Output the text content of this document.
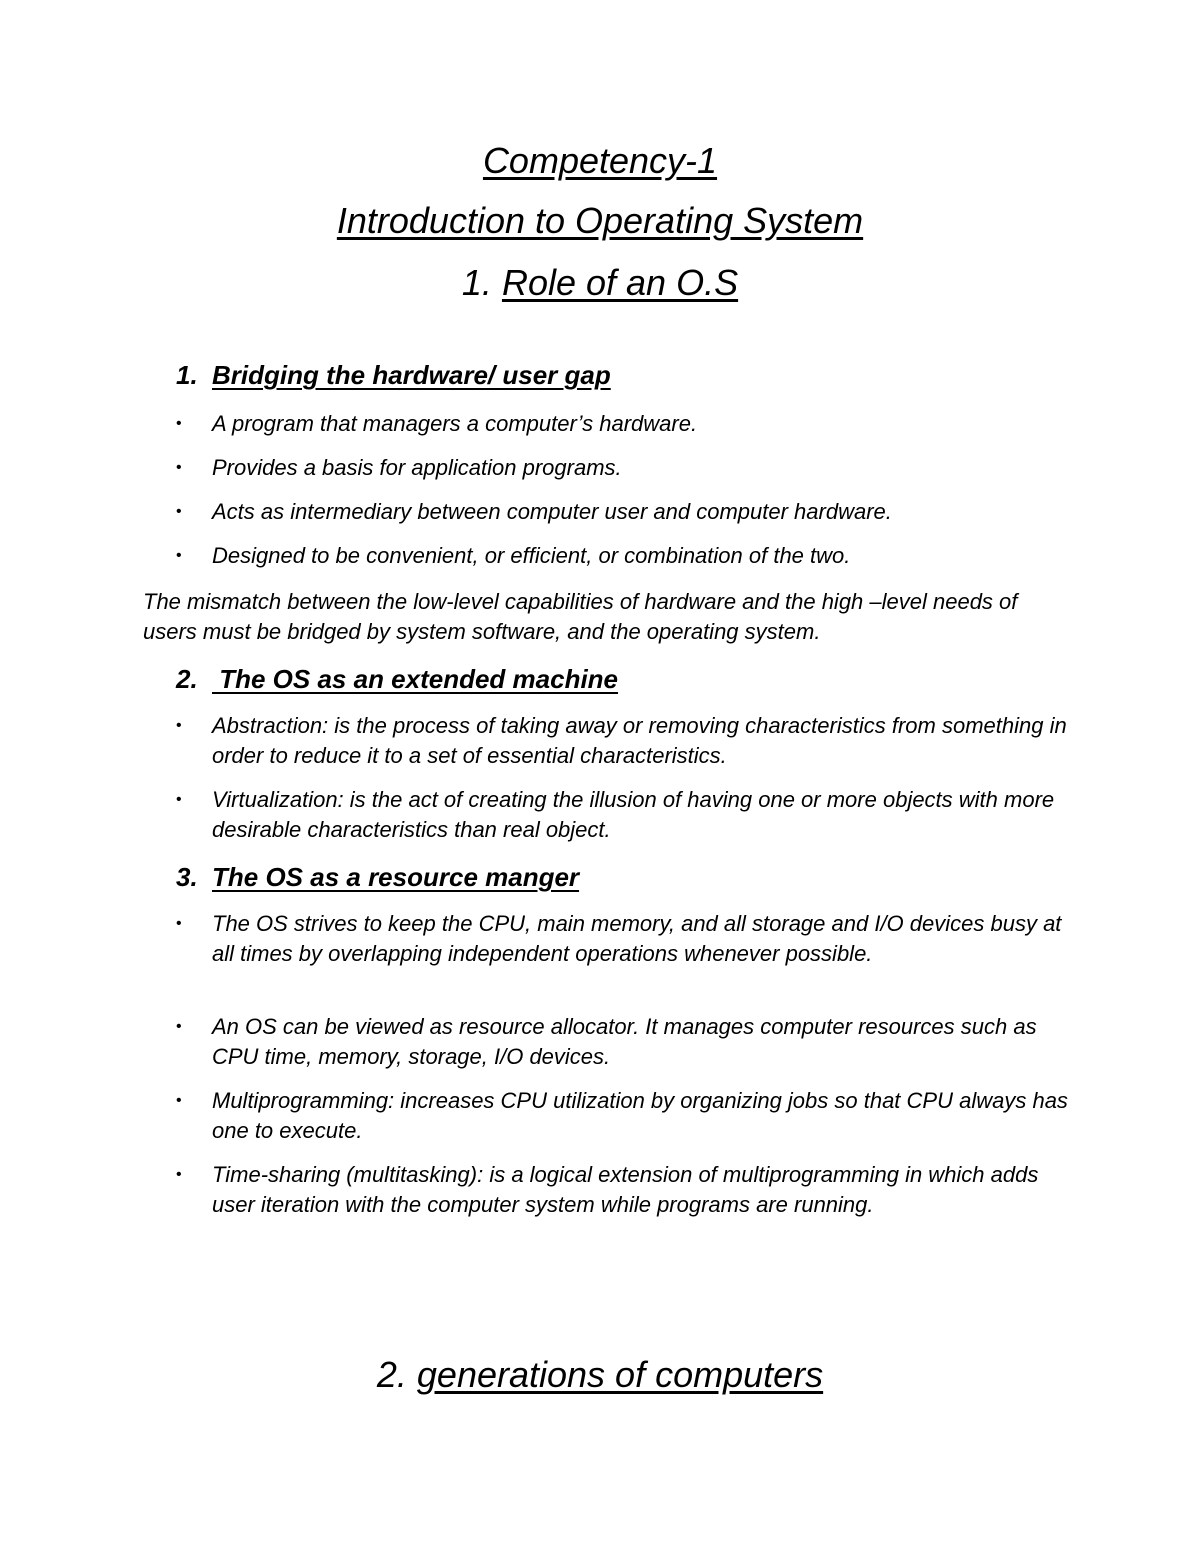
Competency-1
Introduction to Operating System
1. Role of an O.S
1. Bridging the hardware/ user gap
• A program that managers a computer’s hardware.
• Provides a basis for application programs.
• Acts as intermediary between computer user and computer hardware.
• Designed to be convenient, or efficient, or combination of the two.
The mismatch between the low-level capabilities of hardware and the high –level needs of users must be bridged by system software, and the operating system.
2. The OS as an extended machine
• Abstraction: is the process of taking away or removing characteristics from something in order to reduce it to a set of essential characteristics.
• Virtualization: is the act of creating the illusion of having one or more objects with more desirable characteristics than real object.
3. The OS as a resource manger
• The OS strives to keep the CPU, main memory, and all storage and I/O devices busy at all times by overlapping independent operations whenever possible.
• An OS can be viewed as resource allocator. It manages computer resources such as CPU time, memory, storage, I/O devices.
• Multiprogramming: increases CPU utilization by organizing jobs so that CPU always has one to execute.
• Time-sharing (multitasking): is a logical extension of multiprogramming in which adds user iteration with the computer system while programs are running.
2. generations of computers
